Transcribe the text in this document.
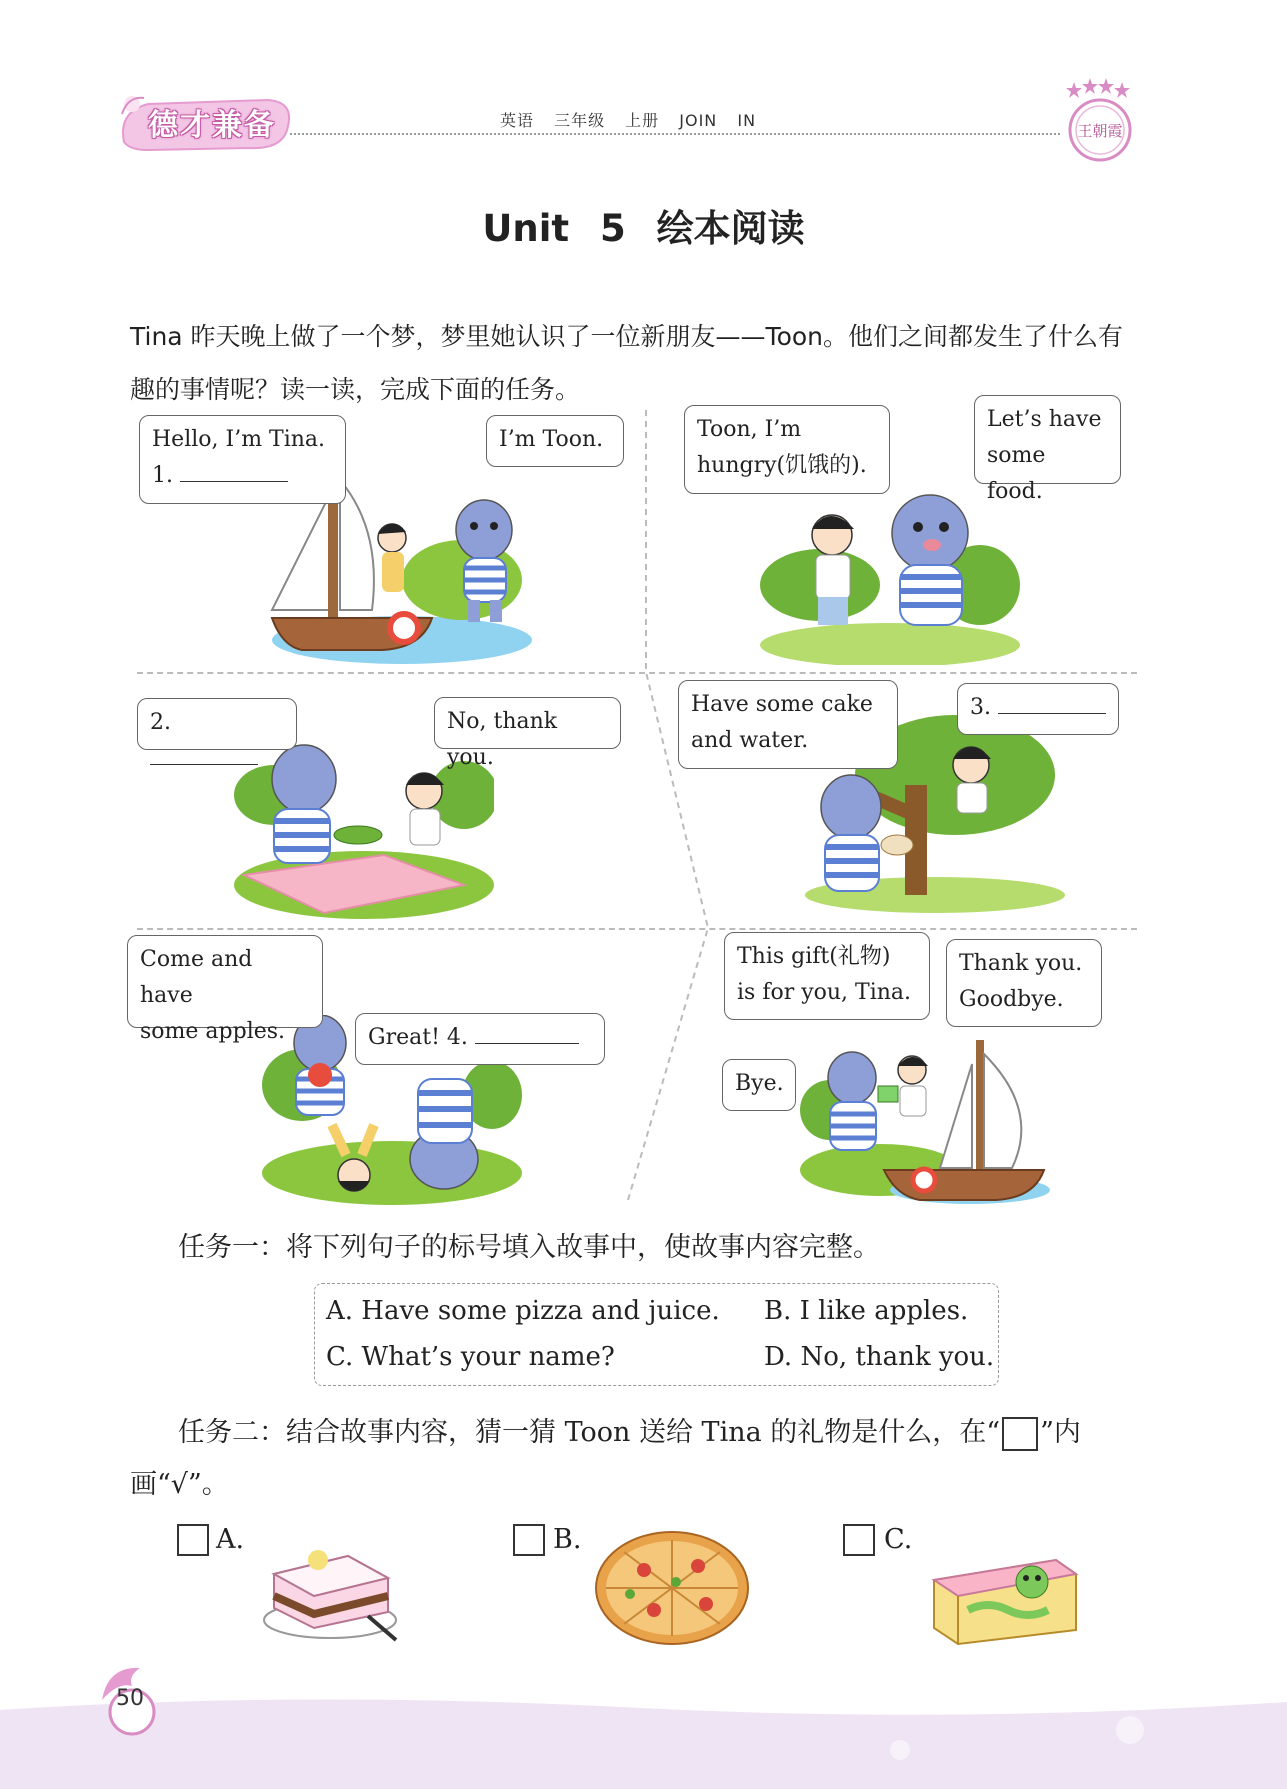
德才兼备	英语 三年级 上册 JOIN IN
王朝霞
Unit 5 绘本阅读
Tina 昨天晚上做了一个梦，梦里她认识了一位新朋友——Toon。他们之间都发生了什么有趣的事情呢？读一读，完成下面的任务。
Hello, I’m Tina.
1.
I’m Toon.	Toon, I’m hungry(饥饿的).
Let’s have
some food.
2.	No, thank you.
Have some cake
and water.
3.
Come and have
some apples.	Great! 4.
This gift(礼物)
is for you, Tina.
Thank you.
Goodbye.
Bye.
任务一：将下列句子的标号填入故事中，使故事内容完整。
A. Have some pizza and juice. B. I like apples.
C. What’s your name?	D. No, thank you.
任务二：结合故事内容，猜一猜 Toon 送给 Tina 的礼物是什么，在“ ”内
画“√”。
A.	B.	C.
50
